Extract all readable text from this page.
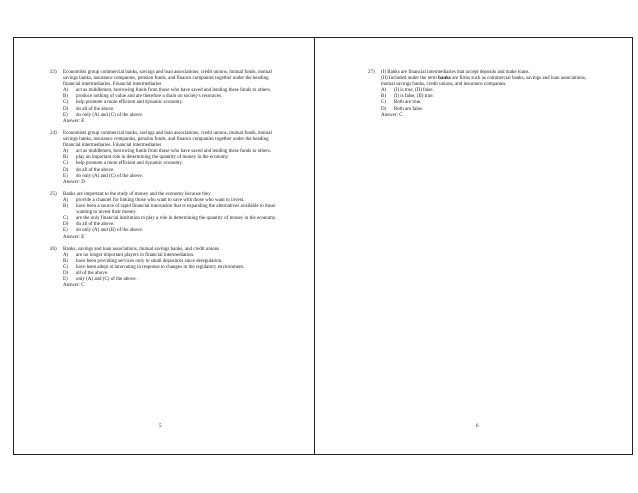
23)	Economists group commercial banks, savings and loan associations, credit unions, mutual funds, mutual savings banks, insurance companies, pension funds, and finance companies together under the heading financial intermediaries. Financial intermediaries
A)	act as middlemen, borrowing funds from those who have saved and lending these funds to others.
B)	produce nothing of value and are therefore a drain on society's resources.
C)	help promote a more efficient and dynamic economy.
D)	do all of the above.
E)	do only (A) and (C) of the above.
Answer: E
24)	Economists group commercial banks, savings and loan associations, credit unions, mutual funds, mutual savings banks, insurance companies, pension funds, and finance companies together under the heading financial intermediaries. Financial intermediaries
A)	act as middlemen, borrowing funds from those who have saved and lending these funds to others.
B)	play an important role in determining the quantity of money in the economy.
C)	help promote a more efficient and dynamic economy.
D)	do all of the above.
E)	do only (A) and (C) of the above.
Answer: D
25)	Banks are important to the study of money and the economy because they
A)	provide a channel for linking those who want to save with those who want to invest.
B)	have been a source of rapid financial innovation that is expanding the alternatives available to those wanting to invest their money.
C)	are the only financial institution to play a role in determining the quantity of money in the economy.
D)	do all of the above.
E)	do only (A) and (B) of the above.
Answer: E
26)	Banks, savings and loan associations, mutual savings banks, and credit unions
A)	are no longer important players in financial intermediation.
B)	have been providing services only to small depositors since deregulation.
C)	have been adept at innovating in response to changes in the regulatory environment.
D)	all of the above.
E)	only (A) and (C) of the above.
Answer: C
5
27)	(I) Banks are financial intermediaries that accept deposits and make loans.
(II) Included under the term banks are firms such as commercial banks, savings and loan associations, mutual savings banks, credit unions, and insurance companies.
A)	(I) is true, (II) false.
B)	(I) is false, (II) true.
C)	Both are true.
D)	Both are false.
Answer: C
6
